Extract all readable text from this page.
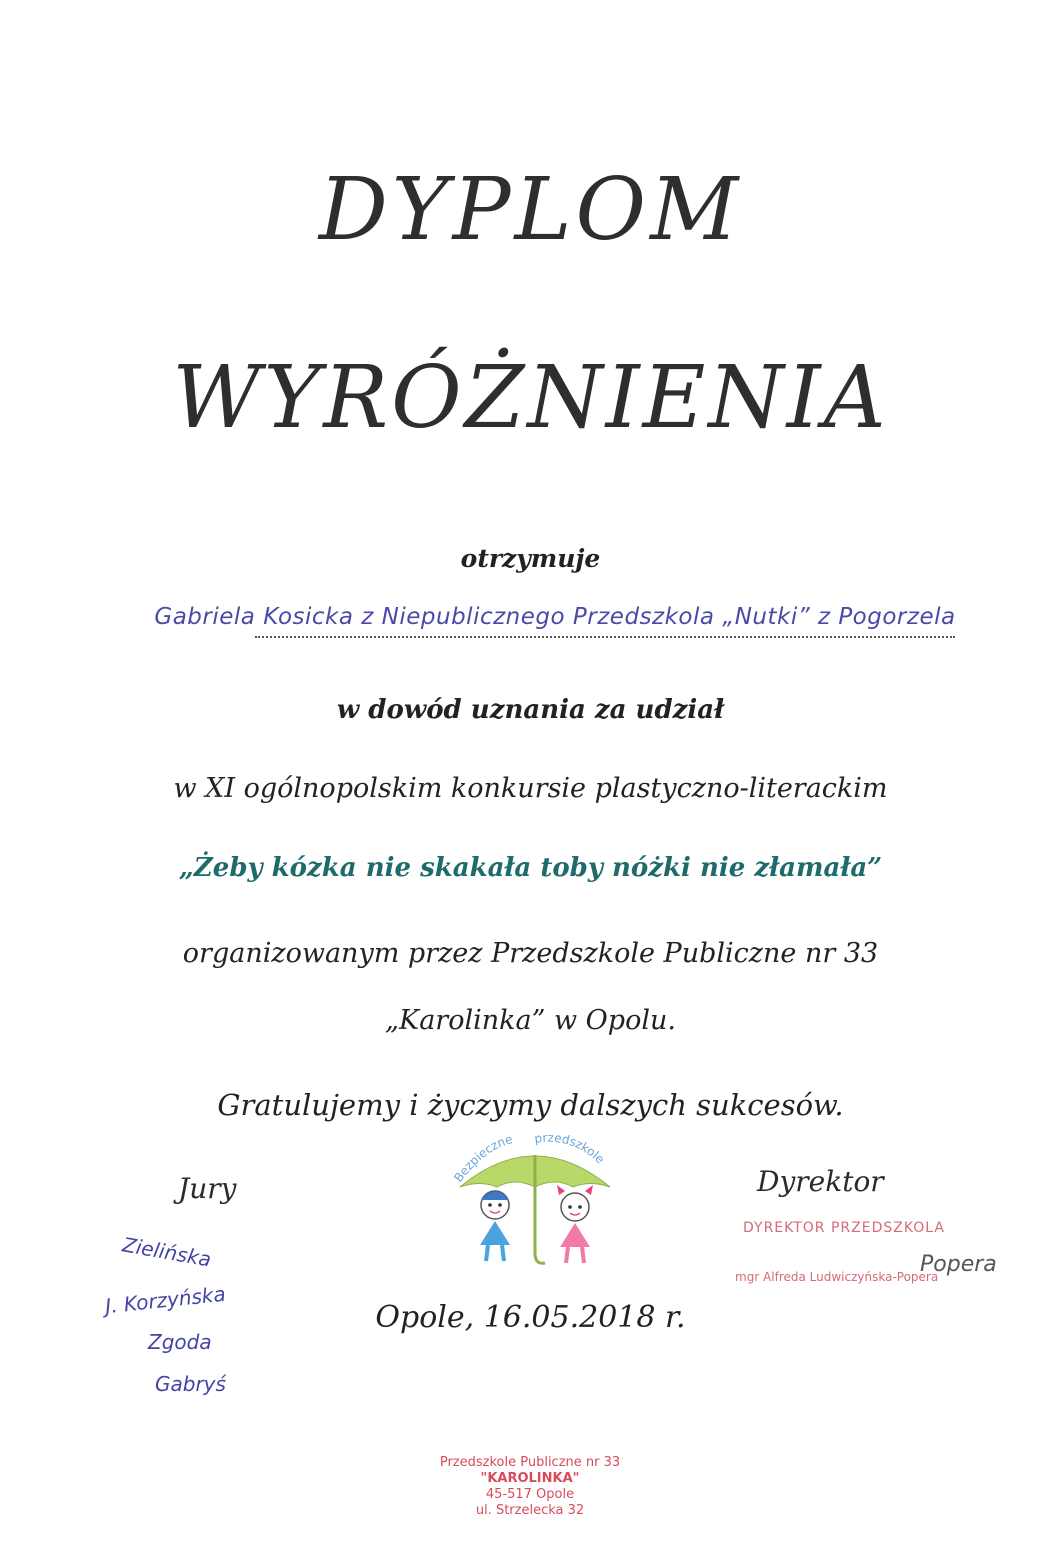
DYPLOM
WYRÓŻNIENIA
otrzymuje
Gabriela Kosicka z Niepublicznego Przedszkola „Nutki” z Pogorzela
w dowód uznania za udział
w XI ogólnopolskim konkursie plastyczno-literackim
„Żeby kózka nie skakała toby nóżki nie złamała”
organizowanym przez Przedszkole Publiczne nr 33
„Karolinka” w Opolu.
Gratulujemy i życzymy dalszych sukcesów.
Jury	Dyrektor
Zielińska
J. Korzyńska
Zgoda
Gabryś
Bezpieczne przedszkole
DYREKTOR PRZEDSZKOLA
mgr Alfreda Ludwiczyńska-Popera
Popera
Opole, 16.05.2018 r.
Przedszkole Publiczne nr 33
"KAROLINKA"
45-517 Opole
ul. Strzelecka 32
